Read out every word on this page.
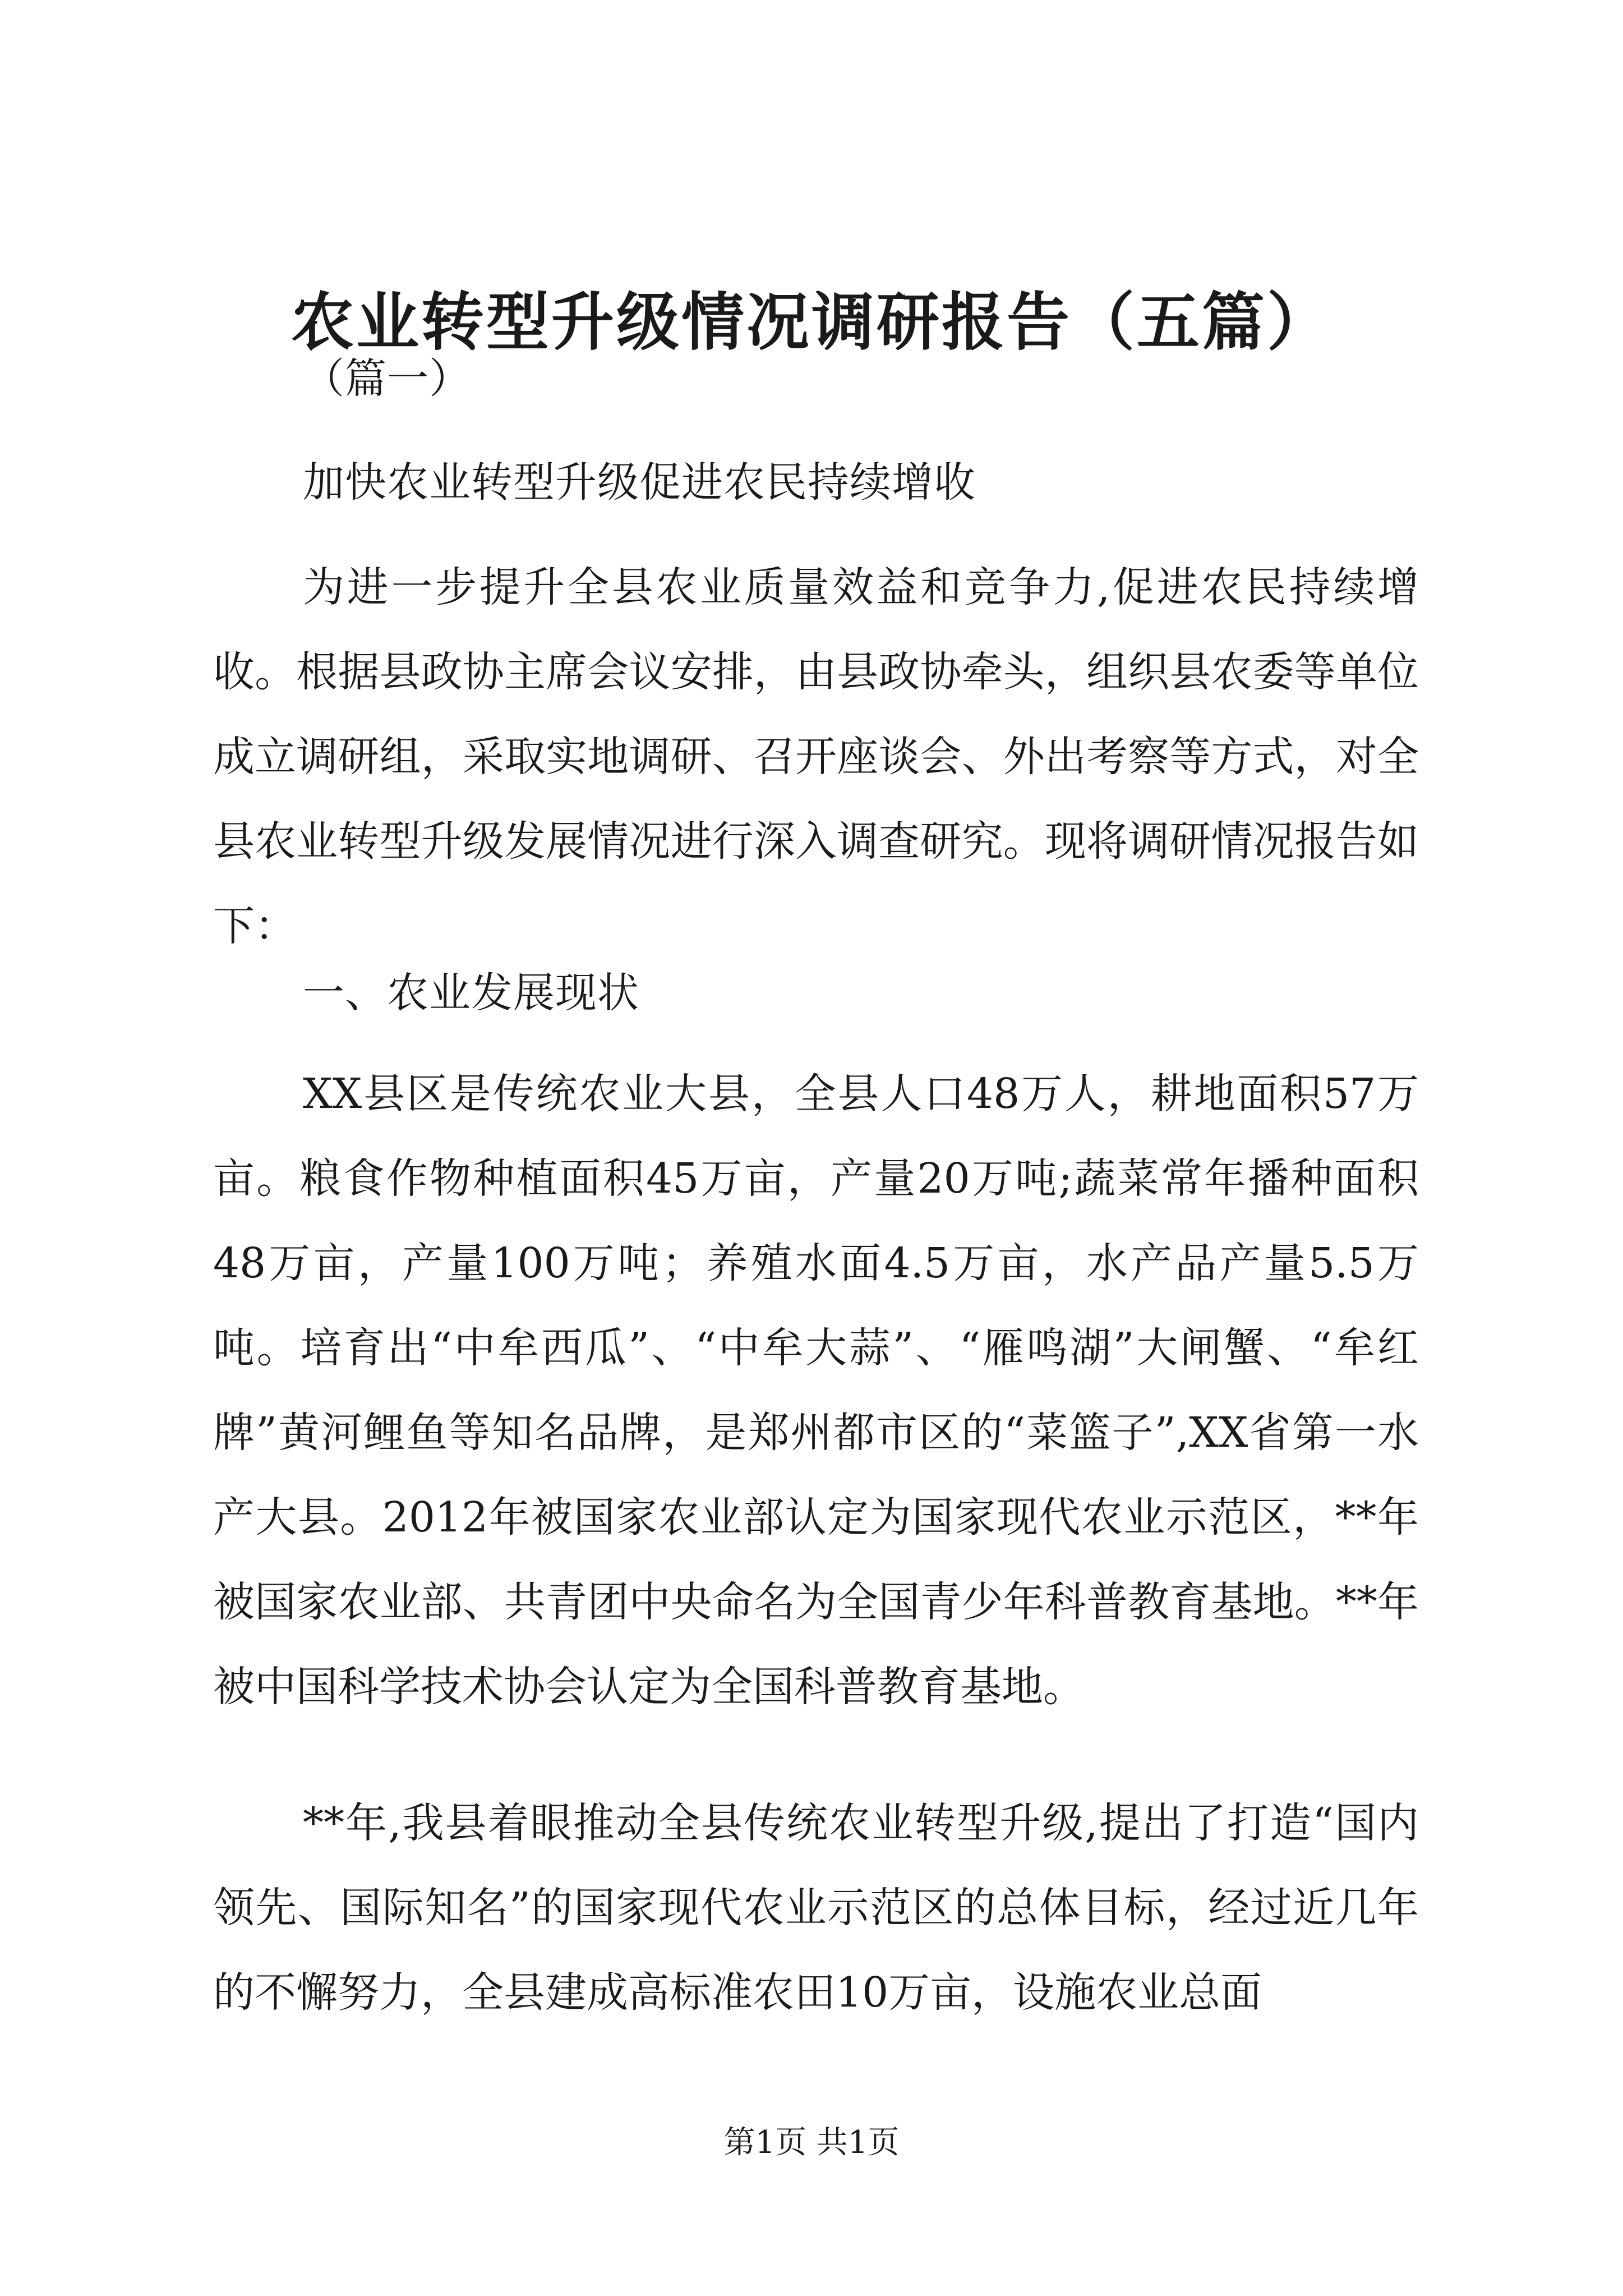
农业转型升级情况调研报告（五篇）
（篇一）
加快农业转型升级促进农民持续增收

为进一步提升全县农业质量效益和竞争力,促进农民持续增收。根据县政协主席会议安排，由县政协牵头，组织县农委等单位成立调研组，采取实地调研、召开座谈会、外出考察等方式，对全县农业转型升级发展情况进行深入调查研究。现将调研情况报告如下：

一、农业发展现状

XX县区是传统农业大县，全县人口48万人，耕地面积57万亩。粮食作物种植面积45万亩，产量20万吨;蔬菜常年播种面积48万亩，产量100万吨；养殖水面4.5万亩，水产品产量5.5万吨。培育出“中牟西瓜”、“中牟大蒜”、“雁鸣湖”大闸蟹、“牟红牌”黄河鲤鱼等知名品牌，是郑州都市区的“菜篮子”,XX省第一水产大县。2012年被国家农业部认定为国家现代农业示范区，**年被国家农业部、共青团中央命名为全国青少年科普教育基地。**年被中国科学技术协会认定为全国科普教育基地。

**年,我县着眼推动全县传统农业转型升级,提出了打造“国内领先、国际知名”的国家现代农业示范区的总体目标，经过近几年的不懈努力，全县建成高标准农田10万亩，设施农业总面

第1页 共1页
